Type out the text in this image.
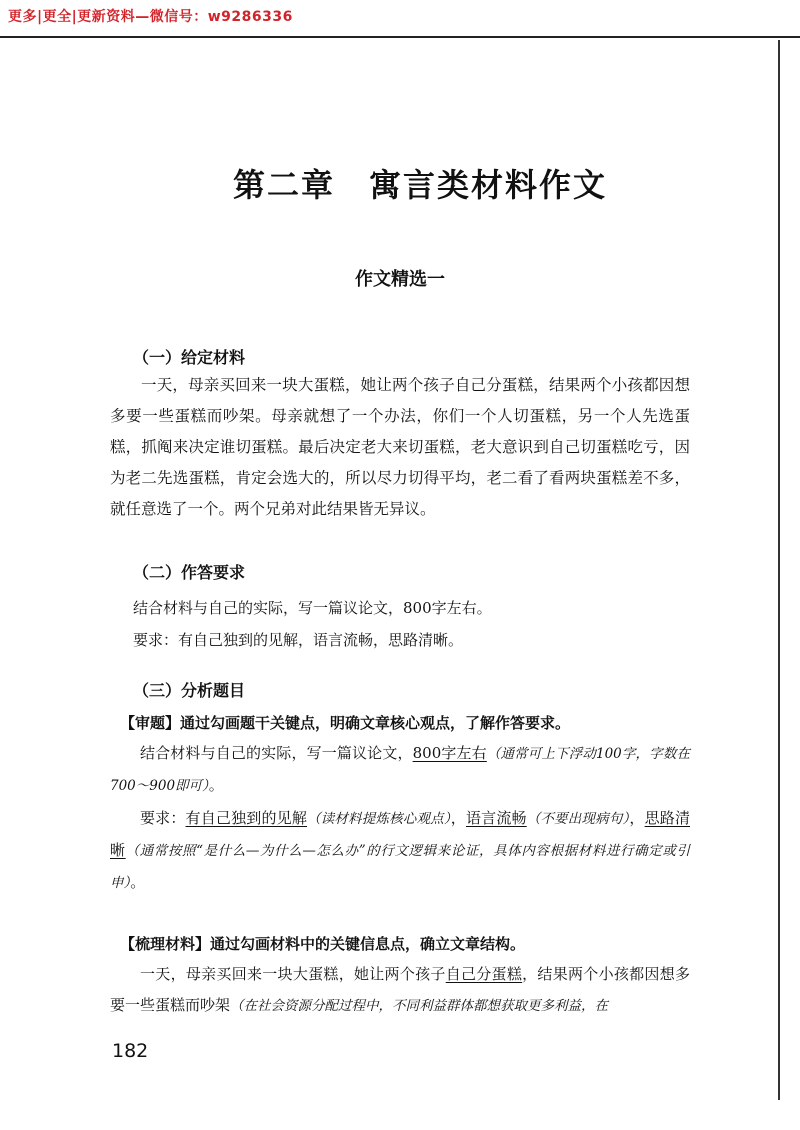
更多|更全|更新资料—微信号：w9286336
第二章 寓言类材料作文
作文精选一
（一）给定材料
一天，母亲买回来一块大蛋糕，她让两个孩子自己分蛋糕，结果两个小孩都因想多要一些蛋糕而吵架。母亲就想了一个办法，你们一个人切蛋糕，另一个人先选蛋糕，抓阄来决定谁切蛋糕。最后决定老大来切蛋糕，老大意识到自己切蛋糕吃亏，因为老二先选蛋糕，肯定会选大的，所以尽力切得平均，老二看了看两块蛋糕差不多，就任意选了一个。两个兄弟对此结果皆无异议。
（二）作答要求
结合材料与自己的实际，写一篇议论文，800字左右。
要求：有自己独到的见解，语言流畅，思路清晰。
（三）分析题目
【审题】通过勾画题干关键点，明确文章核心观点，了解作答要求。
结合材料与自己的实际，写一篇议论文，800字左右（通常可上下浮动100字，字数在700～900即可）。
要求：有自己独到的见解（读材料提炼核心观点），语言流畅（不要出现病句），思路清晰（通常按照“是什么—为什么—怎么办”的行文逻辑来论证，具体内容根据材料进行确定或引申）。
【梳理材料】通过勾画材料中的关键信息点，确立文章结构。
一天，母亲买回来一块大蛋糕，她让两个孩子自己分蛋糕，结果两个小孩都因想多要一些蛋糕而吵架（在社会资源分配过程中，不同利益群体都想获取更多利益，在
182
